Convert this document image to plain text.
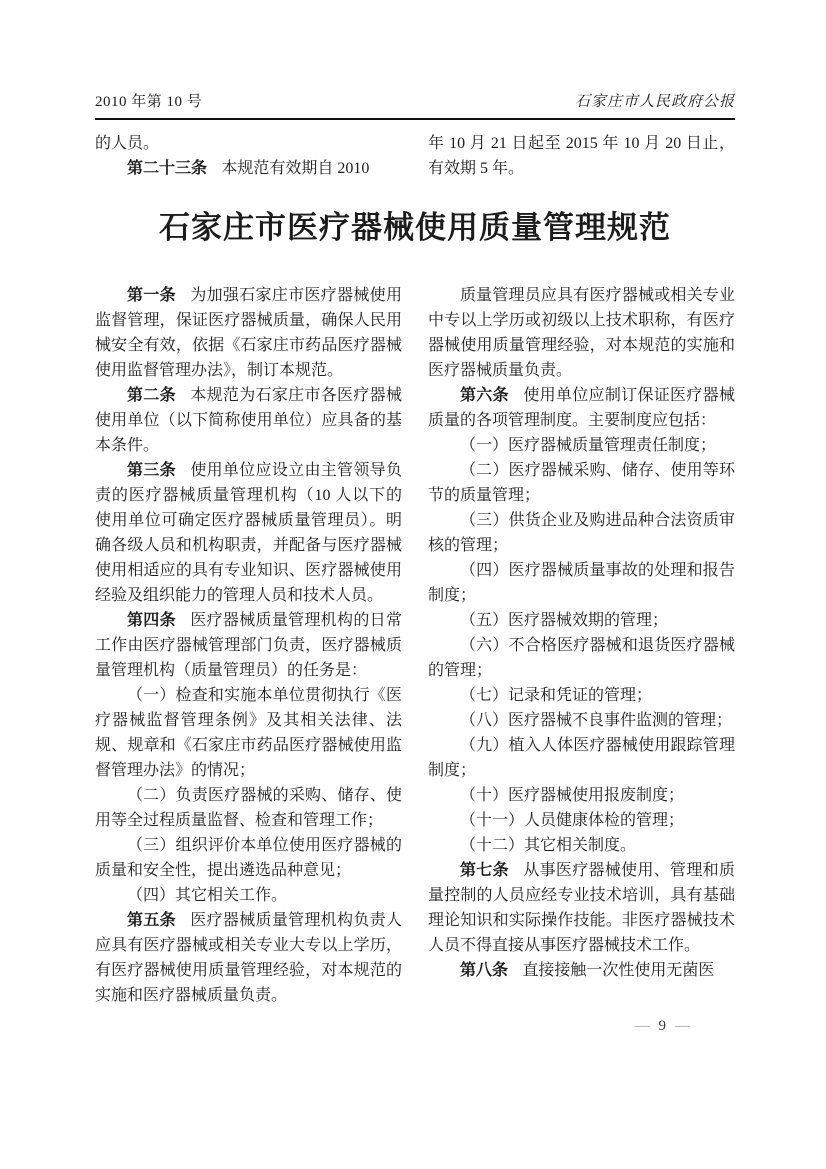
2010 年第 10 号	石家庄市人民政府公报

的人员。

第二十三条 本规范有效期自 2010

年 10 月 21 日起至 2015 年 10 月 20 日止，有效期 5 年。

石家庄市医疗器械使用质量管理规范

第一条 为加强石家庄市医疗器械使用监督管理，保证医疗器械质量，确保人民用械安全有效，依据《石家庄市药品医疗器械使用监督管理办法》，制订本规范。

第二条 本规范为石家庄市各医疗器械使用单位（以下简称使用单位）应具备的基本条件。

第三条 使用单位应设立由主管领导负责的医疗器械质量管理机构（10 人以下的使用单位可确定医疗器械质量管理员）。明确各级人员和机构职责，并配备与医疗器械使用相适应的具有专业知识、医疗器械使用经验及组织能力的管理人员和技术人员。

第四条 医疗器械质量管理机构的日常工作由医疗器械管理部门负责，医疗器械质量管理机构（质量管理员）的任务是：

（一）检查和实施本单位贯彻执行《医疗器械监督管理条例》及其相关法律、法规、规章和《石家庄市药品医疗器械使用监督管理办法》的情况；

（二）负责医疗器械的采购、储存、使用等全过程质量监督、检查和管理工作；

（三）组织评价本单位使用医疗器械的质量和安全性，提出遴选品种意见；

（四）其它相关工作。

第五条 医疗器械质量管理机构负责人应具有医疗器械或相关专业大专以上学历，有医疗器械使用质量管理经验，对本规范的实施和医疗器械质量负责。

质量管理员应具有医疗器械或相关专业中专以上学历或初级以上技术职称，有医疗器械使用质量管理经验，对本规范的实施和医疗器械质量负责。

第六条 使用单位应制订保证医疗器械质量的各项管理制度。主要制度应包括：

（一）医疗器械质量管理责任制度；

（二）医疗器械采购、储存、使用等环节的质量管理；

（三）供货企业及购进品种合法资质审核的管理；

（四）医疗器械质量事故的处理和报告制度；

（五）医疗器械效期的管理；

（六）不合格医疗器械和退货医疗器械的管理；

（七）记录和凭证的管理；

（八）医疗器械不良事件监测的管理；

（九）植入人体医疗器械使用跟踪管理制度；

（十）医疗器械使用报废制度；

（十一）人员健康体检的管理；

（十二）其它相关制度。

第七条 从事医疗器械使用、管理和质量控制的人员应经专业技术培训，具有基础理论知识和实际操作技能。非医疗器械技术人员不得直接从事医疗器械技术工作。

第八条 直接接触一次性使用无菌医

— 9 —
